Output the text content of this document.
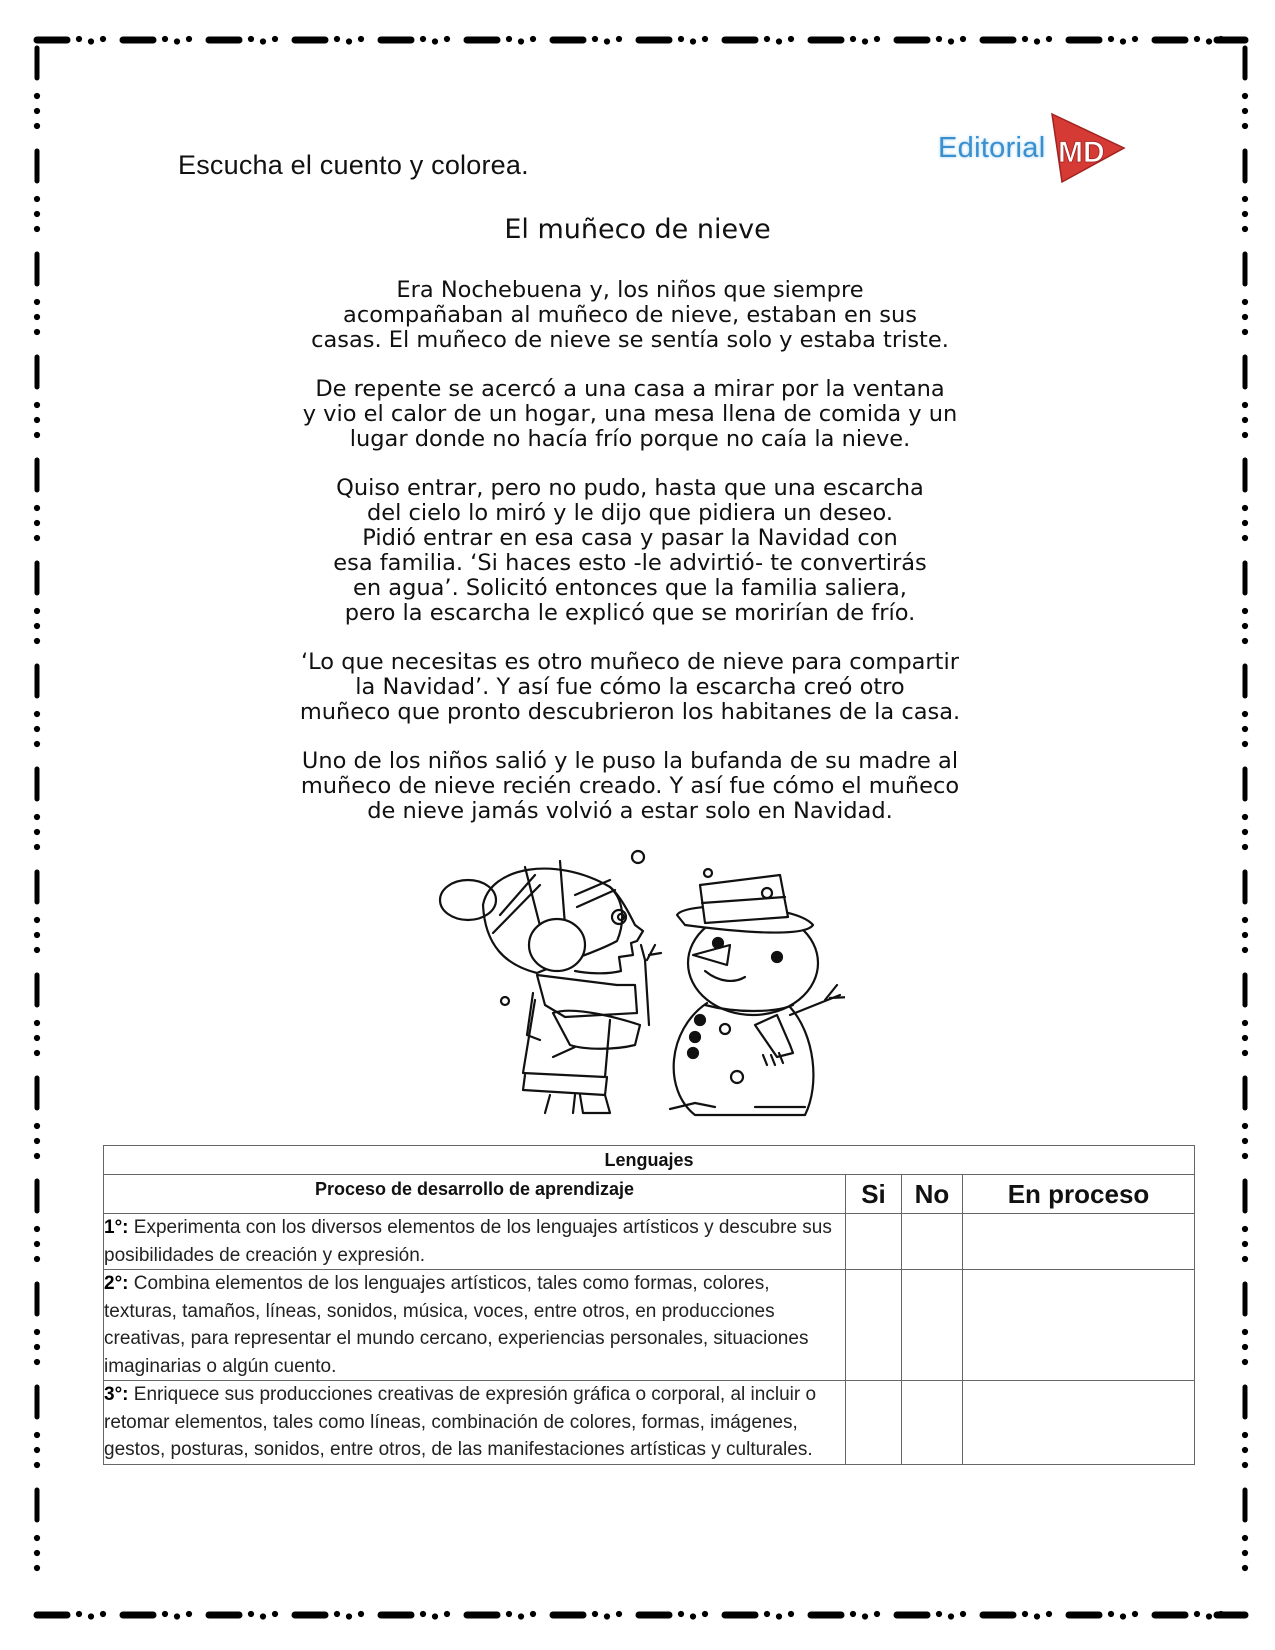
Escucha el cuento y colorea.
Editorial MD
El muñeco de nieve

Era Nochebuena y, los niños que siempre
acompañaban al muñeco de nieve, estaban en sus
casas. El muñeco de nieve se sentía solo y estaba triste.

De repente se acercó a una casa a mirar por la ventana
y vio el calor de un hogar, una mesa llena de comida y un
lugar donde no hacía frío porque no caía la nieve.

Quiso entrar, pero no pudo, hasta que una escarcha
del cielo lo miró y le dijo que pidiera un deseo.
Pidió entrar en esa casa y pasar la Navidad con
esa familia. ‘Si haces esto -le advirtió- te convertirás
en agua’. Solicitó entonces que la familia saliera,
pero la escarcha le explicó que se morirían de frío.

‘Lo que necesitas es otro muñeco de nieve para compartir
la Navidad’. Y así fue cómo la escarcha creó otro
muñeco que pronto descubrieron los habitanes de la casa.

Uno de los niños salió y le puso la bufanda de su madre al
muñeco de nieve recién creado. Y así fue cómo el muñeco
de nieve jamás volvió a estar solo en Navidad.

Lenguajes			
Proceso de desarrollo de aprendizaje	Si	No	En proceso
1°: Experimenta con los diversos elementos de los lenguajes artísticos y descubre sus posibilidades de creación y expresión.			
2°: Combina elementos de los lenguajes artísticos, tales como formas, colores, texturas, tamaños, líneas, sonidos, música, voces, entre otros, en producciones creativas, para representar el mundo cercano, experiencias personales, situaciones imaginarias o algún cuento.			
3°: Enriquece sus producciones creativas de expresión gráfica o corporal, al incluir o retomar elementos, tales como líneas, combinación de colores, formas, imágenes, gestos, posturas, sonidos, entre otros, de las manifestaciones artísticas y culturales.			
